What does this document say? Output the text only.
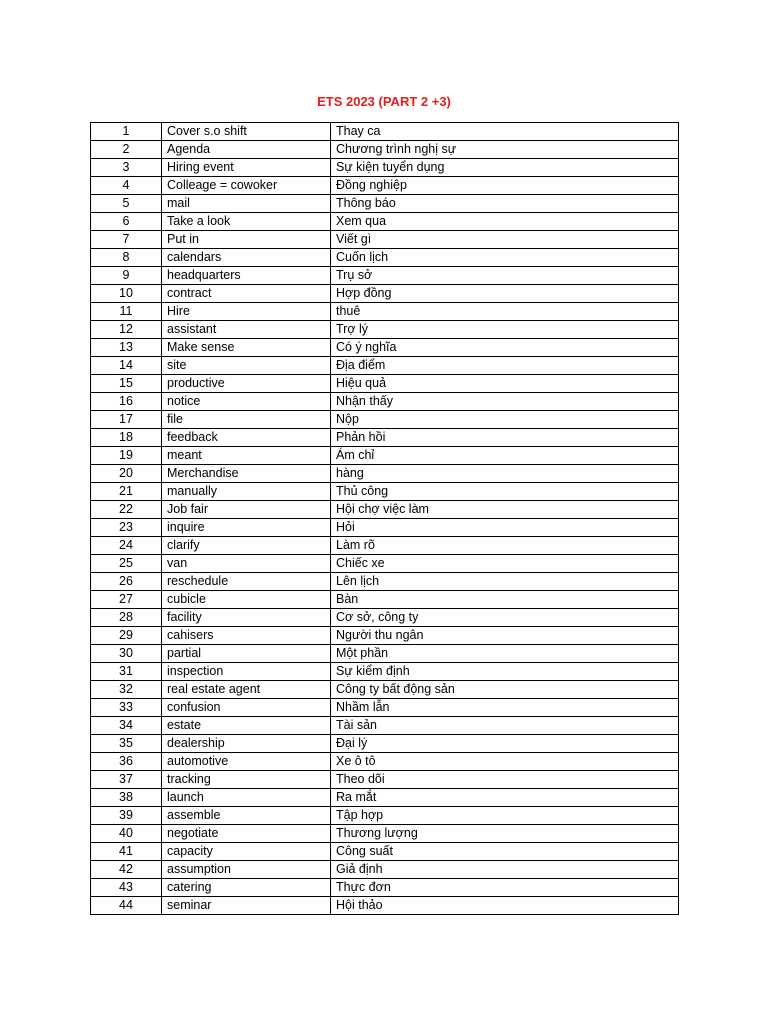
ETS 2023 (PART 2 +3)
1	Cover s.o shift	Thay ca
2	Agenda	Chương trình nghị sự
3	Hiring event	Sự kiện tuyển dụng
4	Colleage = cowoker	Đồng nghiệp
5	mail	Thông báo
6	Take a look	Xem qua
7	Put in	Viết gì
8	calendars	Cuốn lịch
9	headquarters	Trụ sở
10	contract	Hợp đồng
11	Hire	thuê
12	assistant	Trợ lý
13	Make sense	Có ý nghĩa
14	site	Địa điểm
15	productive	Hiệu quả
16	notice	Nhận thấy
17	file	Nộp
18	feedback	Phản hồi
19	meant	Ám chỉ
20	Merchandise	hàng
21	manually	Thủ công
22	Job fair	Hội chợ việc làm
23	inquire	Hỏi
24	clarify	Làm rõ
25	van	Chiếc xe
26	reschedule	Lên lịch
27	cubicle	Bàn
28	facility	Cơ sở, công ty
29	cahisers	Người thu ngân
30	partial	Một phần
31	inspection	Sự kiểm định
32	real estate agent	Công ty bất động sản
33	confusion	Nhầm lẫn
34	estate	Tài sản
35	dealership	Đại lý
36	automotive	Xe ô tô
37	tracking	Theo dõi
38	launch	Ra mắt
39	assemble	Tập hợp
40	negotiate	Thương lượng
41	capacity	Công suất
42	assumption	Giả định
43	catering	Thực đơn
44	seminar	Hội thảo
